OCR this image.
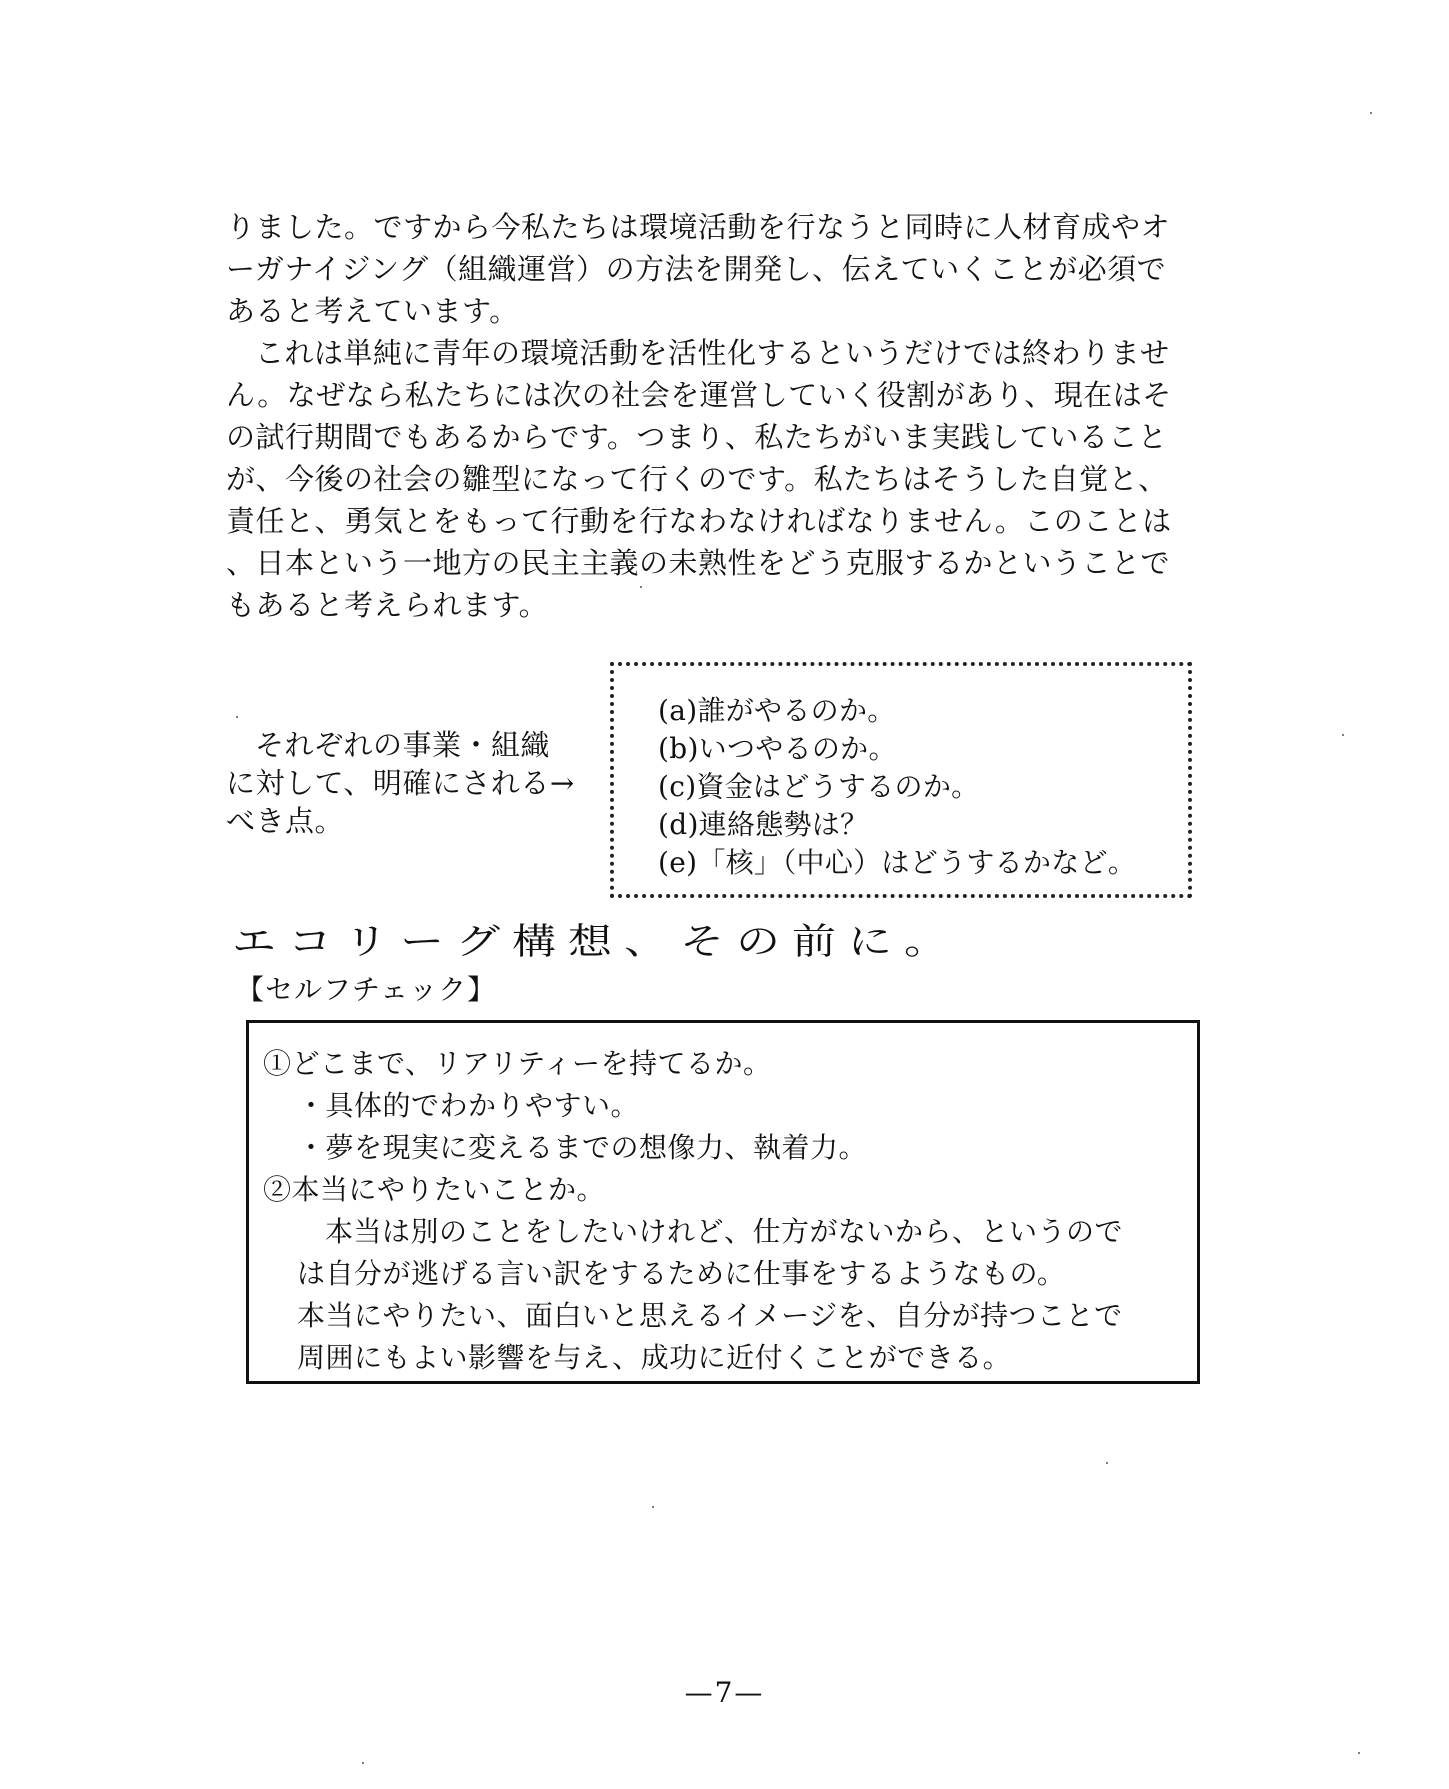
りました。ですから今私たちは環境活動を行なうと同時に人材育成やオ
ーガナイジング（組織運営）の方法を開発し、伝えていくことが必須で
あると考えています。

これは単純に青年の環境活動を活性化するというだけでは終わりませ
ん。なぜなら私たちには次の社会を運営していく役割があり、現在はそ
の試行期間でもあるからです。つまり、私たちがいま実践していること
が、今後の社会の雛型になって行くのです。私たちはそうした自覚と、
責任と、勇気とをもって行動を行なわなければなりません。このことは
、日本という一地方の民主主義の未熟性をどう克服するかということで
もあると考えられます。

それぞれの事業・組織
に対して、明確にされる→
べき点。
(a)誰がやるのか。
(b)いつやるのか。
(c)資金はどうするのか。
(d)連絡態勢は？
(e)「核」（中心）はどうするかなど。
エコリーグ構想、その前に。
【セルフチェック】
①どこまで、リアリティーを持てるか。
・具体的でわかりやすい。
・夢を現実に変えるまでの想像力、執着力。
②本当にやりたいことか。
本当は別のことをしたいけれど、仕方がないから、というので
は自分が逃げる言い訳をするために仕事をするようなもの。
本当にやりたい、面白いと思えるイメージを、自分が持つことで
周囲にもよい影響を与え、成功に近付くことができる。
—7—
